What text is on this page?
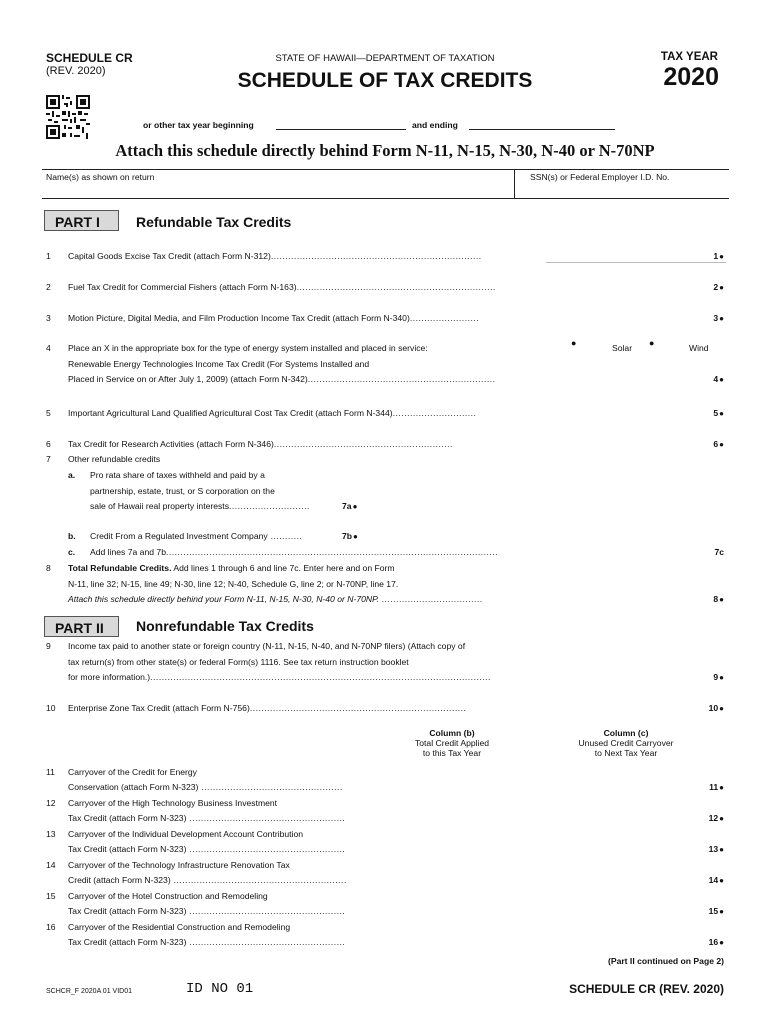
SCHEDULE CR
(REV. 2020)
STATE OF HAWAII—DEPARTMENT OF TAXATION
SCHEDULE OF TAX CREDITS
TAX YEAR
2020
or other tax year beginning	and ending
Attach this schedule directly behind Form N-11, N-15, N-30, N-40 or N-70NP
Name(s) as shown on return	SSN(s) or Federal Employer I.D. No.
PART I	Refundable Tax Credits
1 Capital Goods Excise Tax Credit (attach Form N-312).........................................................................	1 ●
2 Fuel Tax Credit for Commercial Fishers (attach Form N-163).....................................................................	2 ●
3 Motion Picture, Digital Media, and Film Production Income Tax Credit (attach Form N-340)........................	3 ●
4 Place an X in the appropriate box for the type of energy system installed and placed in service:
Renewable Energy Technologies Income Tax Credit (For Systems Installed and
Placed in Service on or After July 1, 2009) (attach Form N-342).................................................................
●	Solar ●	Wind
4 ●
5 Important Agricultural Land Qualified Agricultural Cost Tax Credit (attach Form N-344).............................	5 ●
6 Tax Credit for Research Activities (attach Form N-346)..............................................................	6 ●
7 Other refundable credits
a. Pro rata share of taxes withheld and paid by a
partnership, estate, trust, or S corporation on the
sale of Hawaii real property interests............................	7a ●
b. Credit From a Regulated Investment Company ...........	7b ●
c. Add lines 7a and 7b...................................................................................................................	7c
8 Total Refundable Credits. Add lines 1 through 6 and line 7c. Enter here and on Form
N-11, line 32; N-15, line 49; N-30, line 12; N-40, Schedule G, line 2; or N-70NP, line 17.
Attach this schedule directly behind your Form N-11, N-15, N-30, N-40 or N-70NP. ...................................	8 ●
PART II	Nonrefundable Tax Credits
9 Income tax paid to another state or foreign country (N-11, N-15, N-40, and N-70NP filers) (Attach copy of
tax return(s) from other state(s) or federal Form(s) 1116. See tax return instruction booklet
for more information.)......................................................................................................................	9 ●
10 Enterprise Zone Tax Credit (attach Form N-756)...........................................................................	10 ●
Column (b)
Total Credit Applied
to this Tax Year
Column (c)
Unused Credit Carryover
to Next Tax Year
11 Carryover of the Credit for Energy
Conservation (attach Form N-323) .................................................	11 ●
12 Carryover of the High Technology Business Investment
Tax Credit (attach Form N-323) ......................................................	12 ●
13 Carryover of the Individual Development Account Contribution
Tax Credit (attach Form N-323) ......................................................	13 ●
14 Carryover of the Technology Infrastructure Renovation Tax
Credit (attach Form N-323) ............................................................	14 ●
15 Carryover of the Hotel Construction and Remodeling
Tax Credit (attach Form N-323) ......................................................	15 ●
16 Carryover of the Residential Construction and Remodeling
Tax Credit (attach Form N-323) ......................................................	16 ●
(Part II continued on Page 2)
SCHCR_F 2020A 01 VID01	ID NO 01	SCHEDULE CR (REV. 2020)
